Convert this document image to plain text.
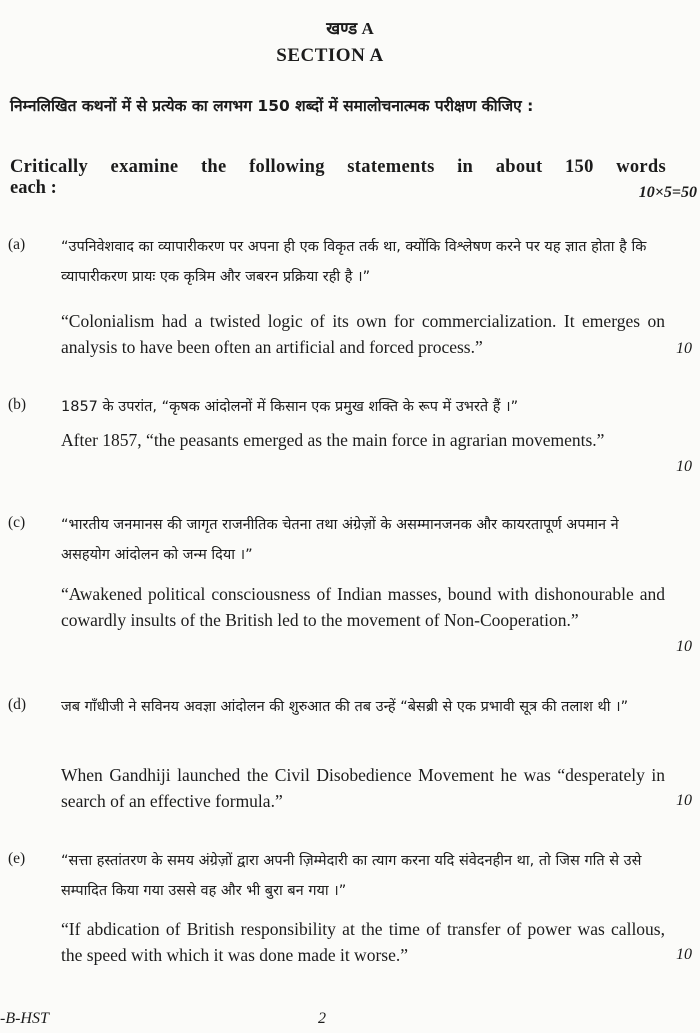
खण्ड A
SECTION A
निम्नलिखित कथनों में से प्रत्येक का लगभग 150 शब्दों में समालोचनात्मक परीक्षण कीजिए :
Critically examine the following statements in about 150 words
each :	10×5=50
(a) “उपनिवेशवाद का व्यापारीकरण पर अपना ही एक विकृत तर्क था, क्योंकि विश्लेषण करने पर यह ज्ञात होता है कि व्यापारीकरण प्रायः एक कृत्रिम और जबरन प्रक्रिया रही है ।”
“Colonialism had a twisted logic of its own for commercialization. It emerges on analysis to have been often an artificial and forced process.”	10
(b) 1857 के उपरांत, “कृषक आंदोलनों में किसान एक प्रमुख शक्ति के रूप में उभरते हैं ।”
After 1857, “the peasants emerged as the main force in agrarian movements.”
10
(c) “भारतीय जनमानस की जागृत राजनीतिक चेतना तथा अंग्रेज़ों के असम्मानजनक और कायरतापूर्ण अपमान ने असहयोग आंदोलन को जन्म दिया ।”
“Awakened political consciousness of Indian masses, bound with dishonourable and cowardly insults of the British led to the movement of Non-Cooperation.”
10
(d) जब गाँधीजी ने सविनय अवज्ञा आंदोलन की शुरुआत की तब उन्हें “बेसब्री से एक प्रभावी सूत्र की तलाश थी ।”
When Gandhiji launched the Civil Disobedience Movement he was “desperately in search of an effective formula.”	10
(e) “सत्ता हस्तांतरण के समय अंग्रेज़ों द्वारा अपनी ज़िम्मेदारी का त्याग करना यदि संवेदनहीन था, तो जिस गति से उसे सम्पादित किया गया उससे वह और भी बुरा बन गया ।”
“If abdication of British responsibility at the time of transfer of power was callous, the speed with which it was done made it worse.”	10
-B-HST	2
